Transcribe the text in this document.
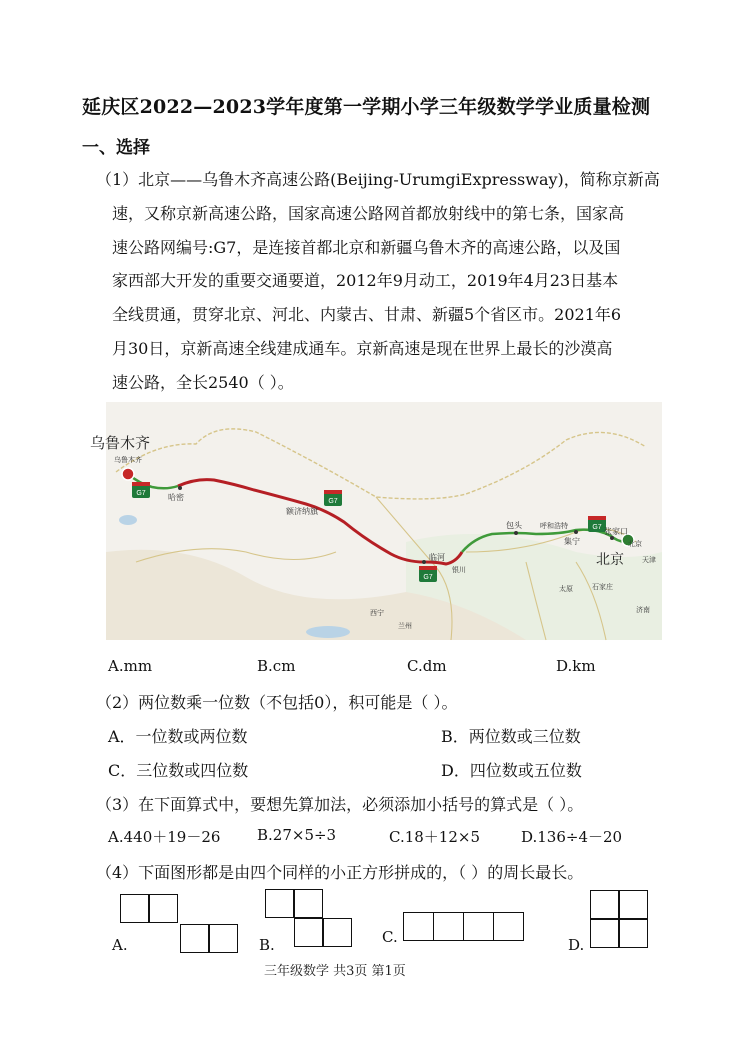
延庆区2022—2023学年度第一学期小学三年级数学学业质量检测
一、选择
（1）北京——乌鲁木齐高速公路(Beijing-UrumgiExpressway)，简称京新高
速，又称京新高速公路，国家高速公路网首都放射线中的第七条，国家高
速公路网编号:G7，是连接首都北京和新疆乌鲁木齐的高速公路，以及国
家西部大开发的重要交通要道，2012年9月动工，2019年4月23日基本
全线贯通，贯穿北京、河北、内蒙古、甘肃、新疆5个省区市。2021年6
月30日，京新高速全线建成通车。京新高速是现在世界上最长的沙漠高
速公路，全长2540（ ）。
G7
G7
G7
G7
乌鲁木齐
乌鲁木齐
哈密
额济纳旗
临河
包头	呼和浩特
集宁
张家口
北京
北京	天津
银川
太原	石家庄
济南
西宁
兰州
A.mm	B.cm	C.dm	D.km
（2）两位数乘一位数（不包括0），积可能是（ ）。
A．一位数或两位数	B．两位数或三位数
C．三位数或四位数	D．四位数或五位数
（3）在下面算式中，要想先算加法，必须添加小括号的算式是（ ）。
A.440＋19－26 B.27×5÷3	C.18＋12×5	D.136÷4－20
（4）下面图形都是由四个同样的小正方形拼成的，（ ）的周长最长。
A.	B.	C.	D.
三年级数学 共3页 第1页
